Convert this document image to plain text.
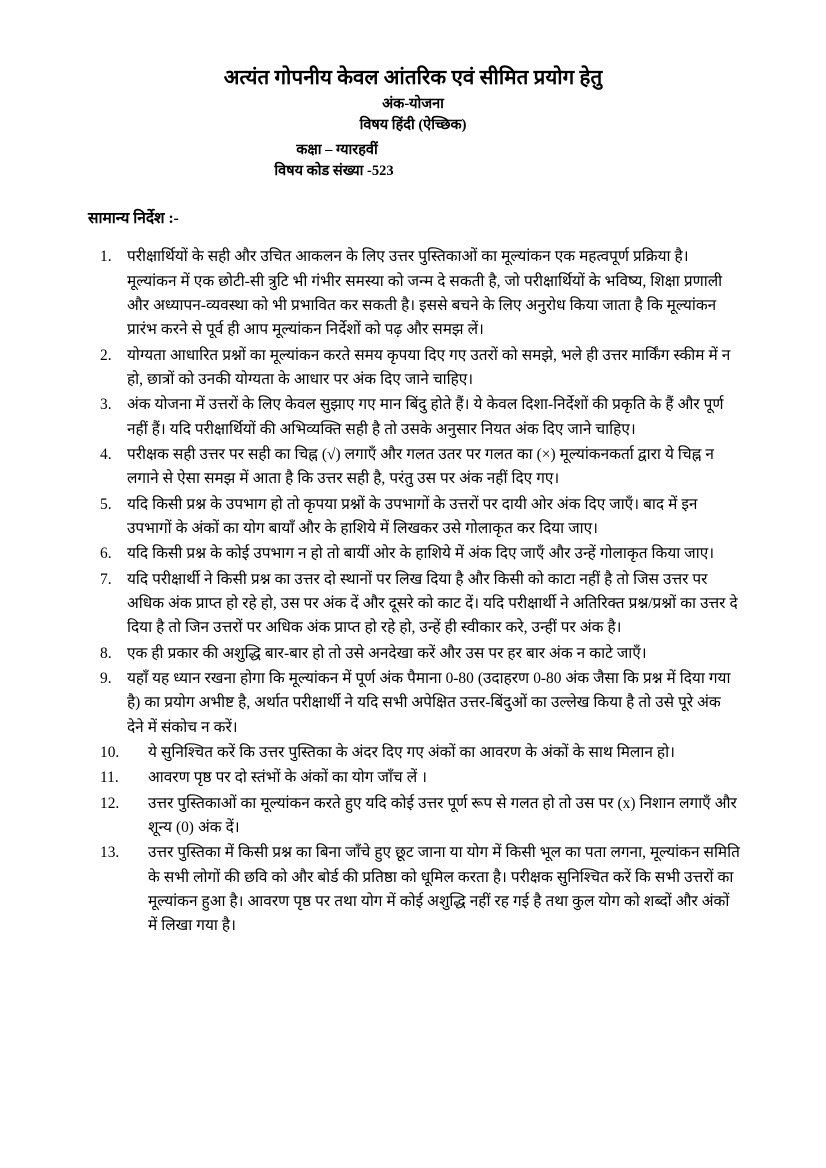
अत्यंत गोपनीय केवल आंतरिक एवं सीमित प्रयोग हेतु

अंक-योजना

विषय हिंदी (ऐच्छिक)

कक्षा – ग्यारहवीं

विषय कोड संख्या -523

सामान्य निर्देश :-
1.	परीक्षार्थियों के सही और उचित आकलन के लिए उत्तर पुस्तिकाओं का मूल्यांकन एक महत्वपूर्ण प्रक्रिया है। मूल्यांकन में एक छोटी-सी त्रुटि भी गंभीर समस्या को जन्म दे सकती है, जो परीक्षार्थियों के भविष्य, शिक्षा प्रणाली और अध्यापन-व्यवस्था को भी प्रभावित कर सकती है। इससे बचने के लिए अनुरोध किया जाता है कि मूल्यांकन प्रारंभ करने से पूर्व ही आप मूल्यांकन निर्देशों को पढ़ और समझ लें।
2.	योग्यता आधारित प्रश्नों का मूल्यांकन करते समय कृपया दिए गए उतरों को समझे, भले ही उत्तर मार्किंग स्कीम में न हो, छात्रों को उनकी योग्यता के आधार पर अंक दिए जाने चाहिए।
3.	अंक योजना में उत्तरों के लिए केवल सुझाए गए मान बिंदु होते हैं। ये केवल दिशा-निर्देशों की प्रकृति के हैं और पूर्ण नहीं हैं। यदि परीक्षार्थियों की अभिव्यक्ति सही है तो उसके अनुसार नियत अंक दिए जाने चाहिए।
4.	परीक्षक सही उत्तर पर सही का चिह्न (√) लगाएँ और गलत उतर पर गलत का (×) मूल्यांकनकर्ता द्वारा ये चिह्न न लगाने से ऐसा समझ में आता है कि उत्तर सही है, परंतु उस पर अंक नहीं दिए गए।
5.	यदि किसी प्रश्न के उपभाग हो तो कृपया प्रश्नों के उपभागों के उत्तरों पर दायी ओर अंक दिए जाएँ। बाद में इन उपभागों के अंकों का योग बायाँ और के हाशिये में लिखकर उसे गोलाकृत कर दिया जाए।
6.	यदि किसी प्रश्न के कोई उपभाग न हो तो बायीं ओर के हाशिये में अंक दिए जाएँ और उन्हें गोलाकृत किया जाए।
7.	यदि परीक्षार्थी ने किसी प्रश्न का उत्तर दो स्थानों पर लिख दिया है और किसी को काटा नहीं है तो जिस उत्तर पर अधिक अंक प्राप्त हो रहे हो, उस पर अंक दें और दूसरे को काट दें। यदि परीक्षार्थी ने अतिरिक्त प्रश्न/प्रश्नों का उत्तर दे दिया है तो जिन उत्तरों पर अधिक अंक प्राप्त हो रहे हो, उन्हें ही स्वीकार करे, उन्हीं पर अंक है।
8.	एक ही प्रकार की अशुद्धि बार-बार हो तो उसे अनदेखा करें और उस पर हर बार अंक न काटे जाएँ।
9.	यहाँ यह ध्यान रखना होगा कि मूल्यांकन में पूर्ण अंक पैमाना 0-80 (उदाहरण 0-80 अंक जैसा कि प्रश्न में दिया गया है) का प्रयोग अभीष्ट है, अर्थात परीक्षार्थी ने यदि सभी अपेक्षित उत्तर-बिंदुओं का उल्लेख किया है तो उसे पूरे अंक देने में संकोच न करें।
10.	ये सुनिश्चित करें कि उत्तर पुस्तिका के अंदर दिए गए अंकों का आवरण के अंकों के साथ मिलान हो।
11.	आवरण पृष्ठ पर दो स्तंभों के अंकों का योग जाँच लें ।
12.	उत्तर पुस्तिकाओं का मूल्यांकन करते हुए यदि कोई उत्तर पूर्ण रूप से गलत हो तो उस पर (x) निशान लगाएँ और शून्य (0) अंक दें।
13.	उत्तर पुस्तिका में किसी प्रश्न का बिना जाँचे हुए छूट जाना या योग में किसी भूल का पता लगना, मूल्यांकन समिति के सभी लोगों की छवि को और बोर्ड की प्रतिष्ठा को धूमिल करता है। परीक्षक सुनिश्चित करें कि सभी उत्तरों का मूल्यांकन हुआ है। आवरण पृष्ठ पर तथा योग में कोई अशुद्धि नहीं रह गई है तथा कुल योग को शब्दों और अंकों में लिखा गया है।
